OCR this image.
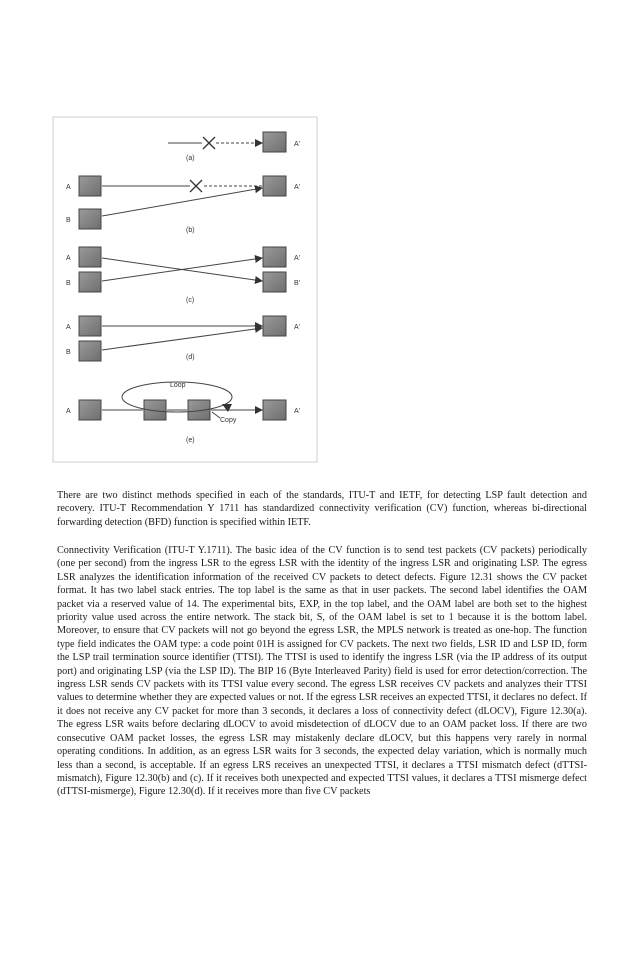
A'
(a)
A
B
A'
(b)
A
B
A'
B'
(c)
A
B
A'
(d)
Loop
Copy
A	A'
(e)

There are two distinct methods specified in each of the standards, ITU-T and IETF, for detecting LSP fault detection and recovery. ITU-T Recommendation Y 1711 has standardized connectivity verification (CV) function, whereas bi-directional forwarding detection (BFD) function is specified within IETF.

Connectivity Verification (ITU-T Y.1711). The basic idea of the CV function is to send test packets (CV packets) periodically (one per second) from the ingress LSR to the egress LSR with the identity of the ingress LSR and originating LSP. The egress LSR analyzes the identification information of the received CV packets to detect defects. Figure 12.31 shows the CV packet format. It has two label stack entries. The top label is the same as that in user packets. The second label identifies the OAM packet via a reserved value of 14. The experimental bits, EXP, in the top label, and the OAM label are both set to the highest priority value used across the entire network. The stack bit, S, of the OAM label is set to 1 because it is the bottom label. Moreover, to ensure that CV packets will not go beyond the egress LSR, the MPLS network is treated as one-hop. The function type field indicates the OAM type: a code point 01H is assigned for CV packets. The next two fields, LSR ID and LSP ID, form the LSP trail termination source identifier (TTSI). The TTSI is used to identify the ingress LSR (via the IP address of its output port) and originating LSP (via the LSP ID). The BIP 16 (Byte Interleaved Parity) field is used for error detection/correction. The ingress LSR sends CV packets with its TTSI value every second. The egress LSR receives CV packets and analyzes their TTSI values to determine whether they are expected values or not. If the egress LSR receives an expected TTSI, it declares no defect. If it does not receive any CV packet for more than 3 seconds, it declares a loss of connectivity defect (dLOCV), Figure 12.30(a). The egress LSR waits before declaring dLOCV to avoid misdetection of dLOCV due to an OAM packet loss. If there are two consecutive OAM packet losses, the egress LSR may mistakenly declare dLOCV, but this happens very rarely in normal operating conditions. In addition, as an egress LSR waits for 3 seconds, the expected delay variation, which is normally much less than a second, is acceptable. If an egress LRS receives an unexpected TTSI, it declares a TTSI mismatch defect (dTTSI-mismatch), Figure 12.30(b) and (c). If it receives both unexpected and expected TTSI values, it declares a TTSI mismerge defect (dTTSI-mismerge), Figure 12.30(d). If it receives more than five CV packets
